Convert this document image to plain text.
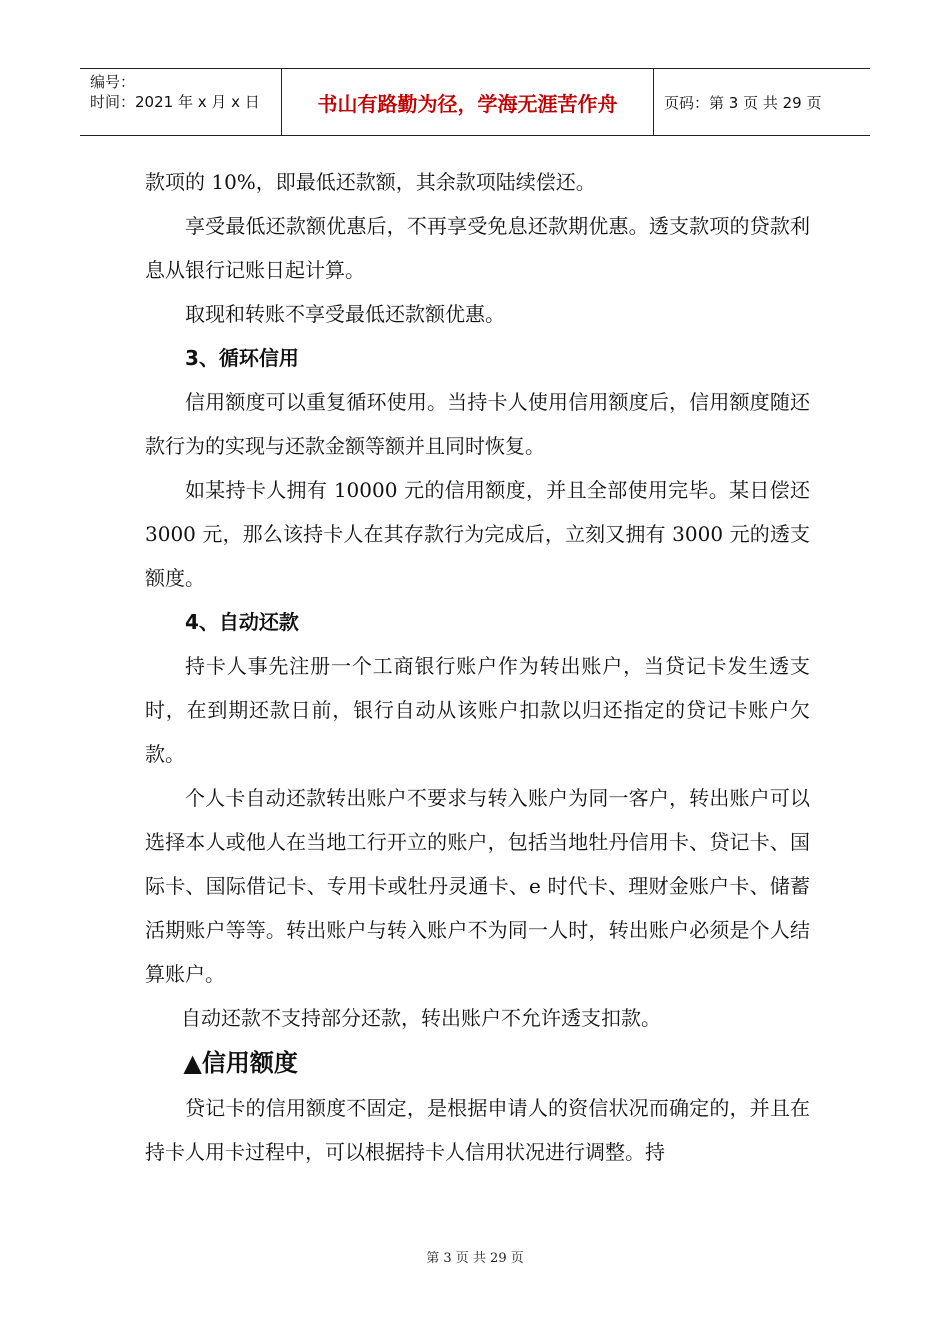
编号：
时间：2021 年 x 月 x 日	书山有路勤为径，学海无涯苦作舟	页码：第 3 页 共 29 页

款项的 10%，即最低还款额，其余款项陆续偿还。

享受最低还款额优惠后，不再享受免息还款期优惠。透支款项的贷款利息从银行记账日起计算。

取现和转账不享受最低还款额优惠。

3、循环信用

信用额度可以重复循环使用。当持卡人使用信用额度后，信用额度随还款行为的实现与还款金额等额并且同时恢复。

如某持卡人拥有 10000 元的信用额度，并且全部使用完毕。某日偿还 3000 元，那么该持卡人在其存款行为完成后，立刻又拥有 3000 元的透支额度。

4、自动还款

持卡人事先注册一个工商银行账户作为转出账户，当贷记卡发生透支时，在到期还款日前，银行自动从该账户扣款以归还指定的贷记卡账户欠款。

个人卡自动还款转出账户不要求与转入账户为同一客户，转出账户可以选择本人或他人在当地工行开立的账户，包括当地牡丹信用卡、贷记卡、国际卡、国际借记卡、专用卡或牡丹灵通卡、e 时代卡、理财金账户卡、储蓄活期账户等等。转出账户与转入账户不为同一人时，转出账户必须是个人结算账户。

自动还款不支持部分还款，转出账户不允许透支扣款。

▲信用额度

贷记卡的信用额度不固定，是根据申请人的资信状况而确定的，并且在持卡人用卡过程中，可以根据持卡人信用状况进行调整。持

第 3 页 共 29 页
